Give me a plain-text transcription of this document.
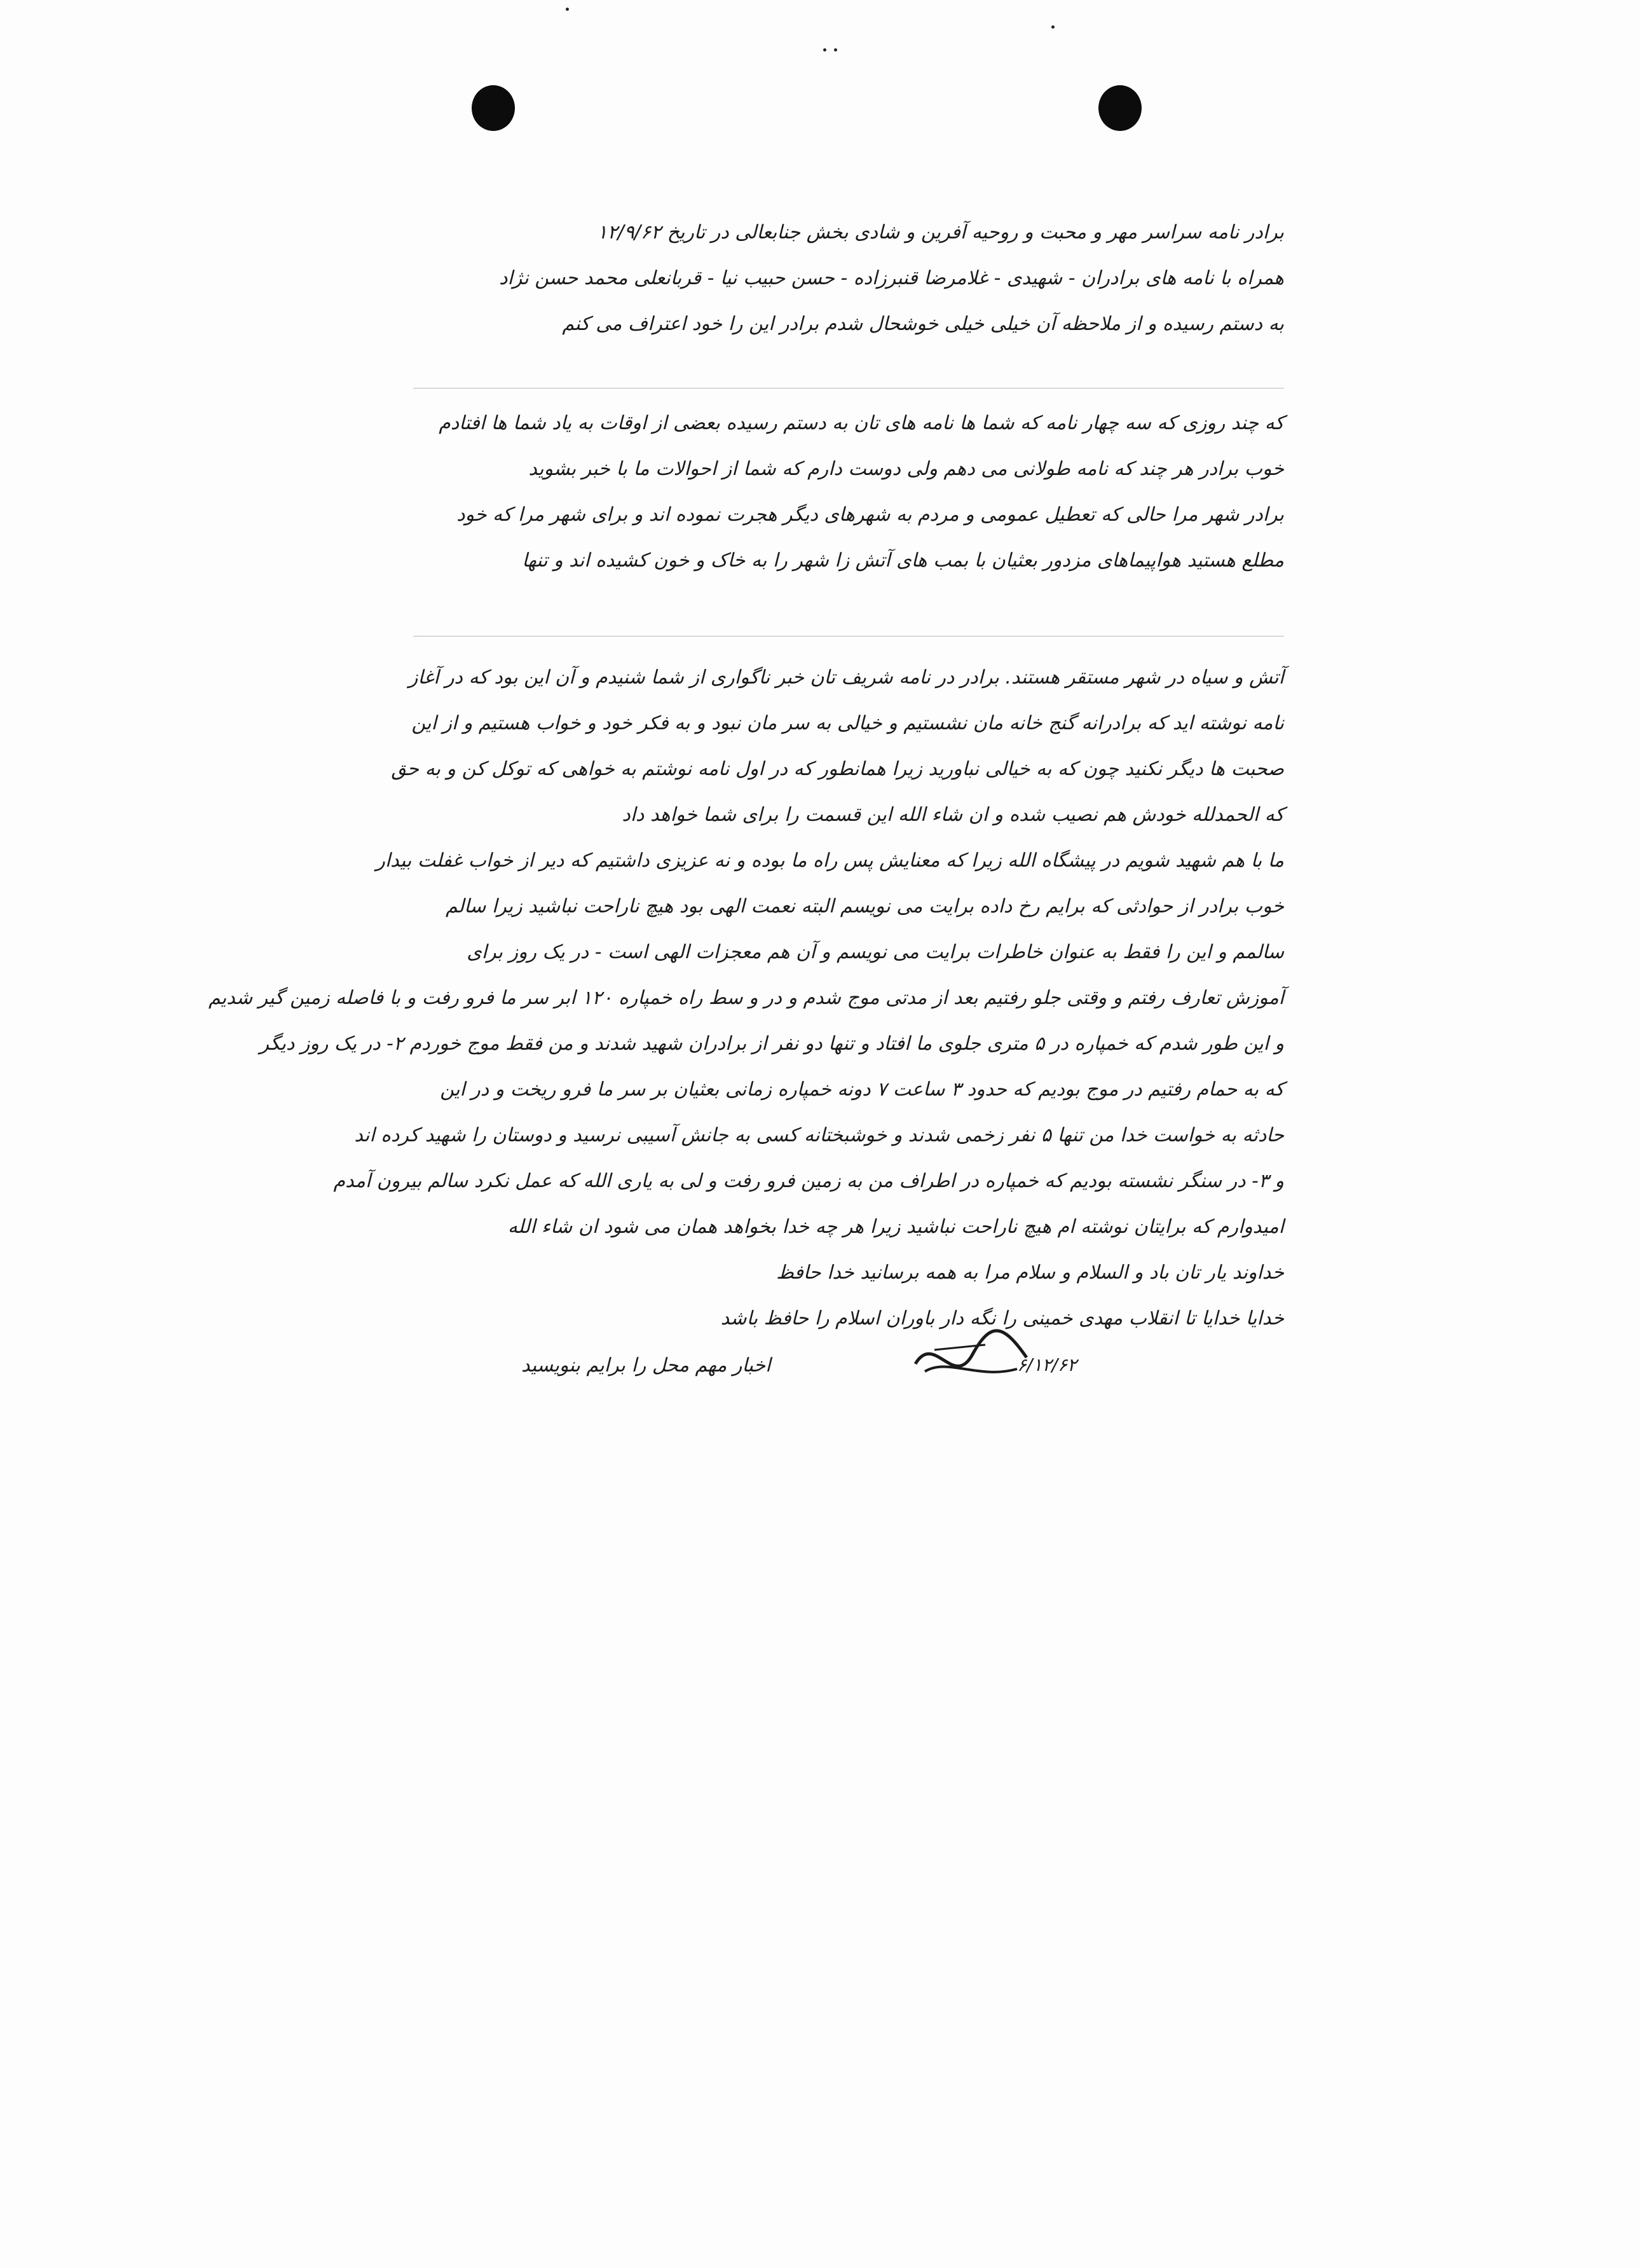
برادر نامه سراسر مهر و محبت و روحیه آفرین و شادی بخش جنابعالی در تاریخ ۱۲/۹/۶۲
همراه با نامه های برادران - شهیدی - غلامرضا قنبرزاده - حسن حبیب نیا - قربانعلی محمد حسن نژاد
به دستم رسیده و از ملاحظه آن خیلی خیلی خوشحال شدم برادر این را خود اعتراف می کنم
که چند روزی که سه چهار نامه که شما ها نامه های تان به دستم رسیده بعضی از اوقات به یاد شما ها افتادم
خوب برادر هر چند که نامه طولانی می دهم ولی دوست دارم که شما از احوالات ما با خبر بشوید
برادر شهر مرا حالی که تعطیل عمومی و مردم به شهرهای دیگر هجرت نموده اند و برای شهر مرا که خود
مطلع هستید هواپیماهای مزدور بعثیان با بمب های آتش زا شهر را به خاک و خون کشیده اند و تنها
آتش و سیاه در شهر مستقر هستند. برادر در نامه شریف تان خبر ناگواری از شما شنیدم و آن این بود که در آغاز
نامه نوشته اید که برادرانه گنج خانه مان نشستیم و خیالی به سر مان نبود و به فکر خود و خواب هستیم و از این
صحبت ها دیگر نکنید چون که به خیالی نباورید زیرا همانطور که در اول نامه نوشتم به خواهی که توکل کن و به حق
که الحمدلله خودش هم نصیب شده و ان شاء الله این قسمت را برای شما خواهد داد
ما با هم شهید شویم در پیشگاه الله زیرا که معنایش پس راه ما بوده و نه عزیزی داشتیم که دیر از خواب غفلت بیدار
خوب برادر از حوادثی که برایم رخ داده برایت می نویسم البته نعمت الهی بود هیچ ناراحت نباشید زیرا سالم
سالمم و این را فقط به عنوان خاطرات برایت می نویسم و آن هم معجزات الهی است - در یک روز برای
آموزش تعارف رفتم و وقتی جلو رفتیم بعد از مدتی موج شدم و در و سط راه خمپاره ۱۲۰ ابر سر ما فرو رفت و با فاصله زمین گیر شدیم
و این طور شدم که خمپاره در ۵ متری جلوی ما افتاد و تنها دو نفر از برادران شهید شدند و من فقط موج خوردم ۲- در یک روز دیگر
که به حمام رفتیم در موج بودیم که حدود ۳ ساعت ۷ دونه خمپاره زمانی بعثیان بر سر ما فرو ریخت و در این
حادثه به خواست خدا من تنها ۵ نفر زخمی شدند و خوشبختانه کسی به جانش آسیبی نرسید و دوستان را شهید کرده اند
و ۳- در سنگر نشسته بودیم که خمپاره در اطراف من به زمین فرو رفت و لی به یاری الله که عمل نکرد سالم بیرون آمدم
امیدوارم که برایتان نوشته ام هیچ ناراحت نباشید زیرا هر چه خدا بخواهد همان می شود ان شاء الله
خداوند یار تان باد و السلام و سلام مرا به همه برسانید خدا حافظ
خدایا خدایا تا انقلاب مهدی خمینی را نگه دار باوران اسلام را حافظ باشد
اخبار مهم محل را برایم بنویسید	۶/۱۲/۶۲
